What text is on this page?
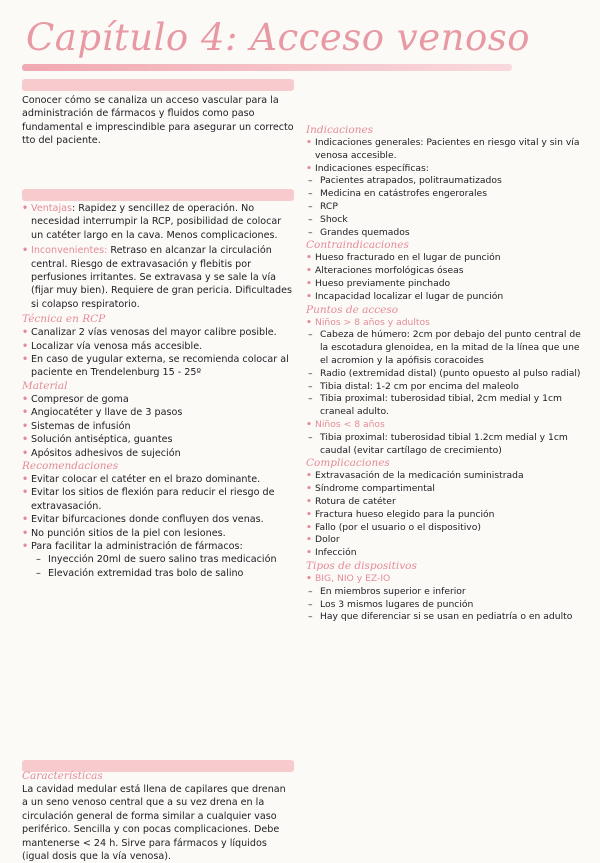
Capítulo 4: Acceso venoso
Conocer cómo se canaliza un acceso vascular para la administración de fármacos y fluidos como paso fundamental e imprescindible para asegurar un correcto tto del paciente.
• Ventajas: Rapidez y sencillez de operación. No necesidad interrumpir la RCP, posibilidad de colocar un catéter largo en la cava. Menos complicaciones.
• Inconvenientes: Retraso en alcanzar la circulación central. Riesgo de extravasación y flebitis por perfusiones irritantes. Se extravasa y se sale la vía (fijar muy bien). Requiere de gran pericia. Dificultades si colapso respiratorio.
Técnica en RCP
• Canalizar 2 vías venosas del mayor calibre posible.
• Localizar vía venosa más accesible.
• En caso de yugular externa, se recomienda colocar al paciente en Trendelenburg 15 - 25º
Material
• Compresor de goma
• Angiocatéter y llave de 3 pasos
• Sistemas de infusión
• Solución antiséptica, guantes
• Apósitos adhesivos de sujeción
Recomendaciones
• Evitar colocar el catéter en el brazo dominante.
• Evitar los sitios de flexión para reducir el riesgo de extravasación.
• Evitar bifurcaciones donde confluyen dos venas.
• No punción sitios de la piel con lesiones.
• Para facilitar la administración de fármacos:
– Inyección 20ml de suero salino tras medicación
– Elevación extremidad tras bolo de salino
Características
La cavidad medular está llena de capilares que drenan a un seno venoso central que a su vez drena en la circulación general de forma similar a cualquier vaso periférico. Sencilla y con pocas complicaciones. Debe mantenerse < 24 h. Sirve para fármacos y líquidos (igual dosis que la vía venosa).
Indicaciones
• Indicaciones generales: Pacientes en riesgo vital y sin vía venosa accesible.
• Indicaciones específicas:
– Pacientes atrapados, politraumatizados
– Medicina en catástrofes engerorales
– RCP
– Shock
– Grandes quemados
Contraindicaciones
• Hueso fracturado en el lugar de punción
• Alteraciones morfológicas óseas
• Hueso previamente pinchado
• Incapacidad localizar el lugar de punción
Puntos de acceso
• Niños > 8 años y adultos
– Cabeza de húmero: 2cm por debajo del punto central de la escotadura glenoidea, en la mitad de la línea que une el acromion y la apófisis coracoides
– Radio (extremidad distal) (punto opuesto al pulso radial)
– Tibia distal: 1-2 cm por encima del maleolo
– Tibia proximal: tuberosidad tibial, 2cm medial y 1cm craneal adulto.
• Niños < 8 años
– Tibia proximal: tuberosidad tibial 1.2cm medial y 1cm caudal (evitar cartílago de crecimiento)
Complicaciones
• Extravasación de la medicación suministrada
• Síndrome compartimental
• Rotura de catéter
• Fractura hueso elegido para la punción
• Fallo (por el usuario o el dispositivo)
• Dolor
• Infección
Tipos de dispositivos
• BIG, NIO y EZ-IO
– En miembros superior e inferior
– Los 3 mismos lugares de punción
– Hay que diferenciar si se usan en pediatría o en adulto
